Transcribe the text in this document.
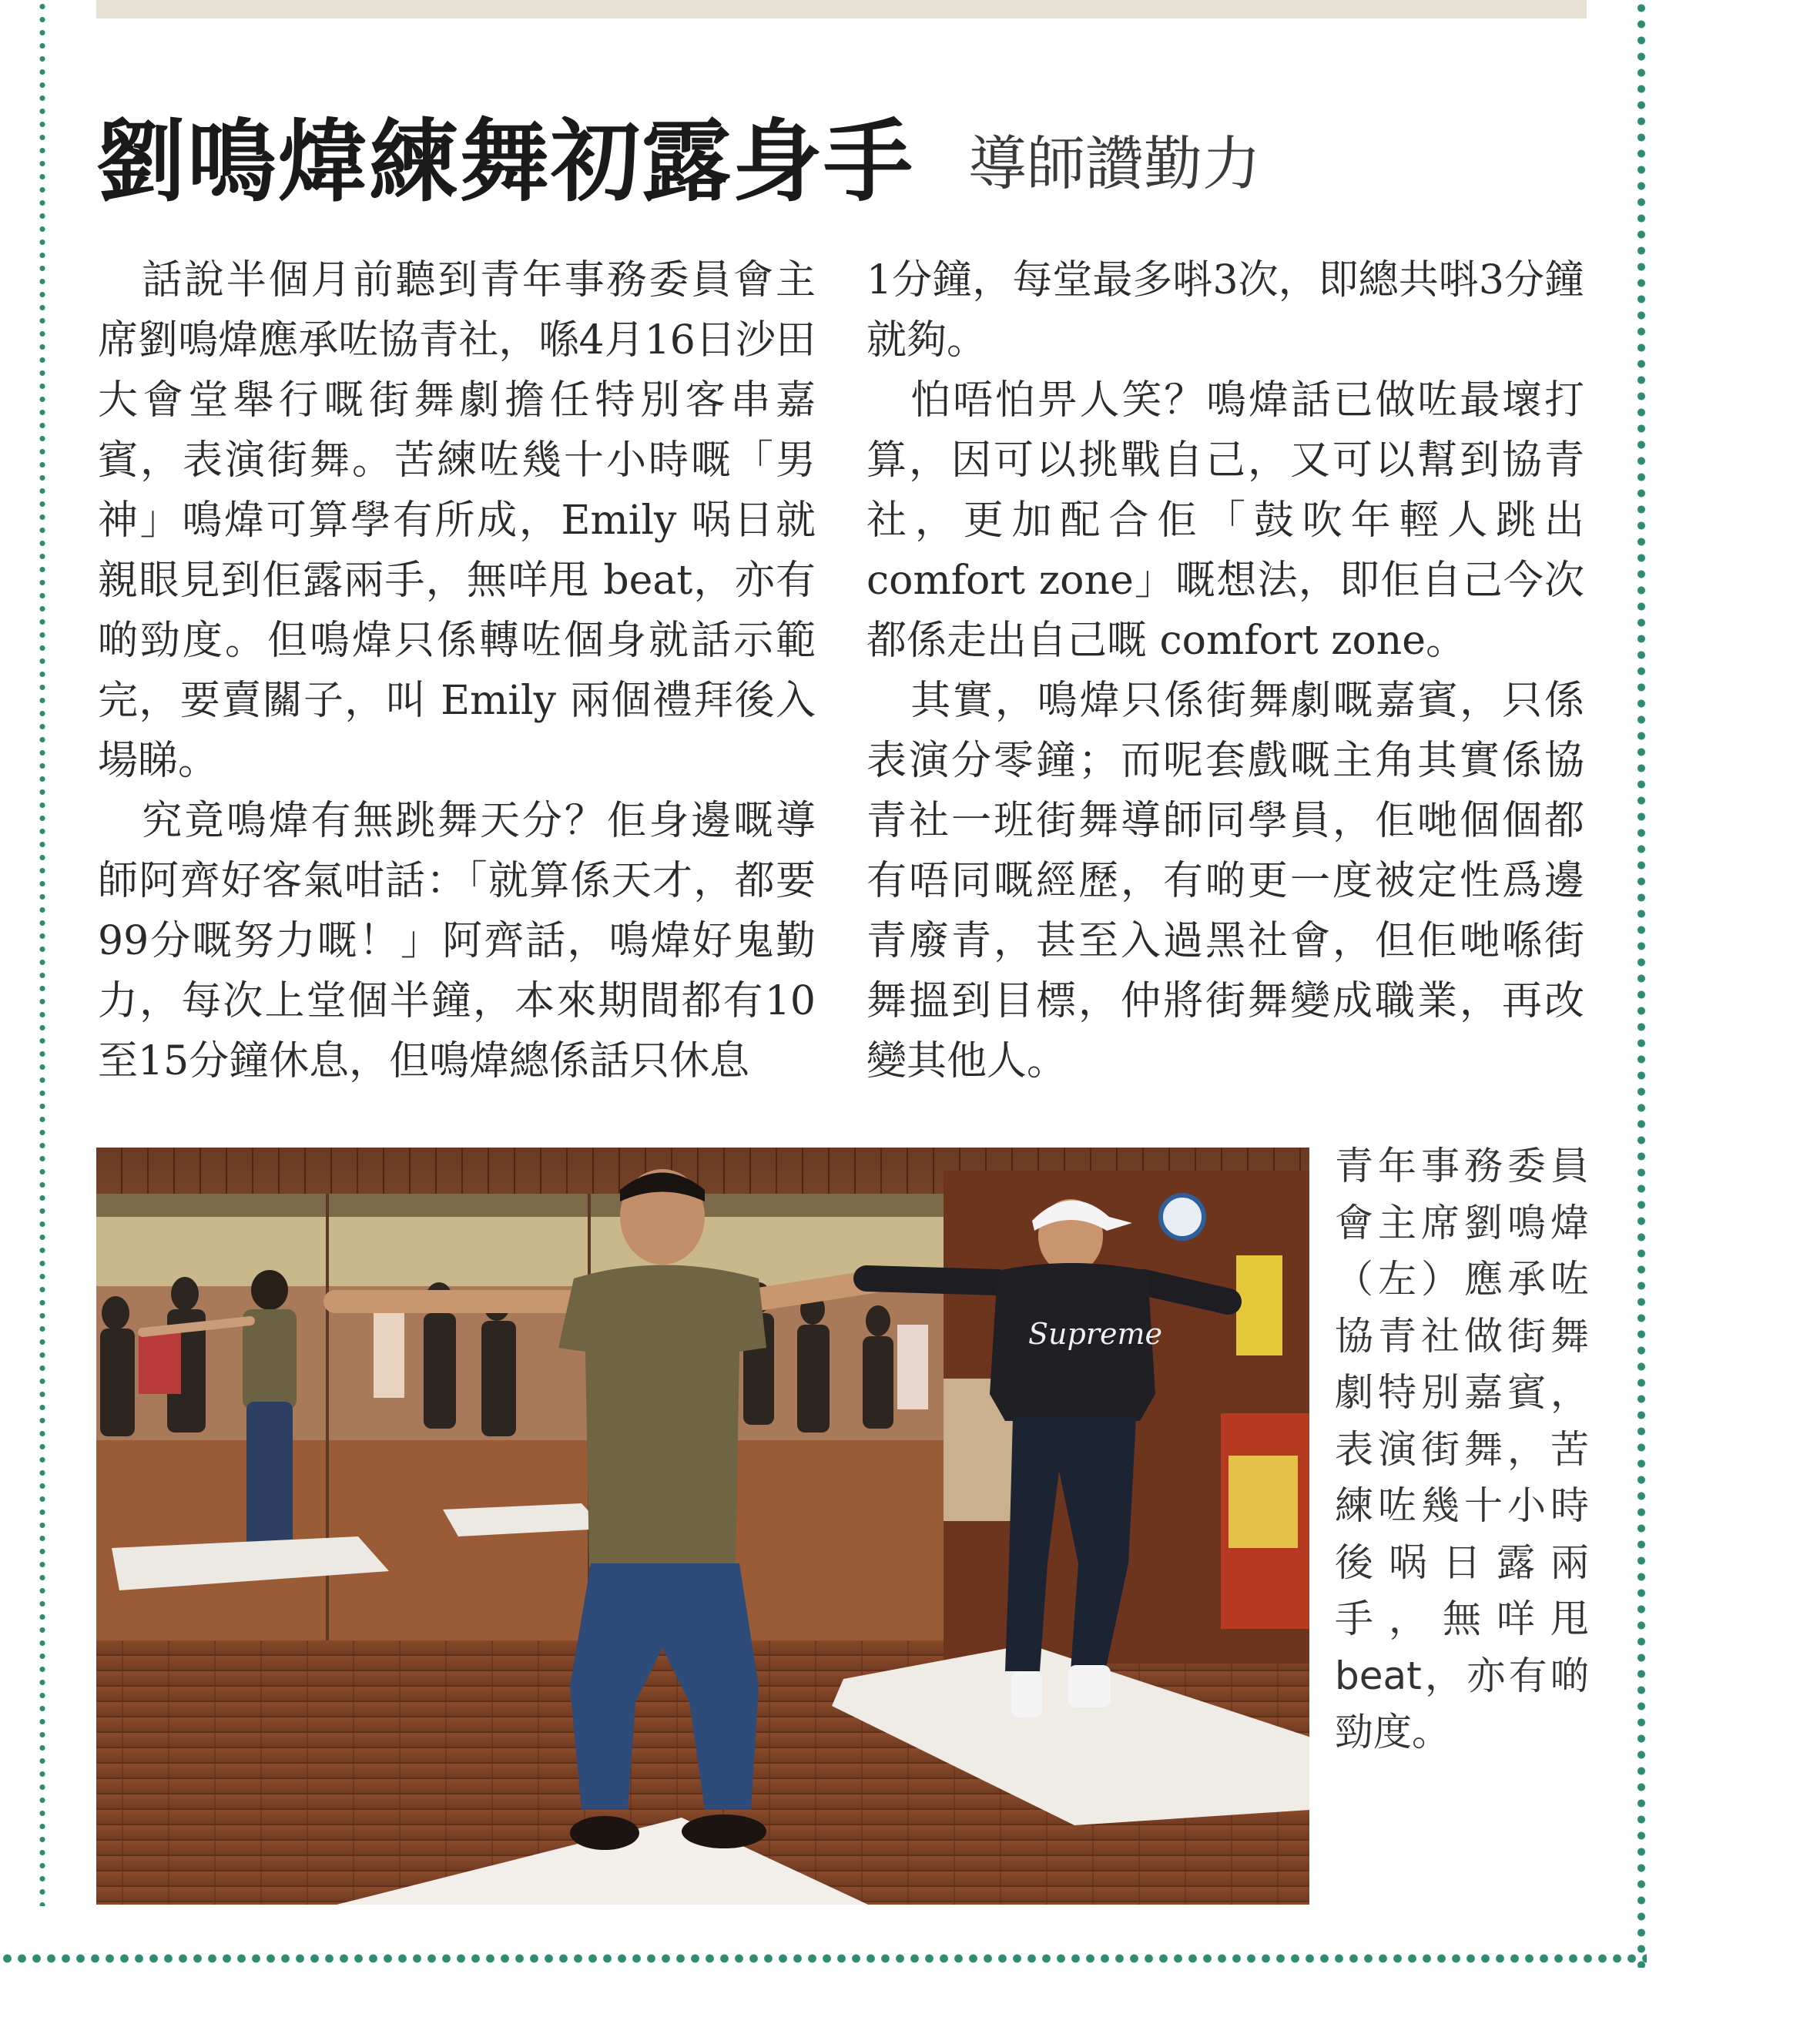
劉鳴煒練舞初露身手 導師讚勤力

話說半個月前聽到青年事務委員會主席劉鳴煒應承咗協青社，喺4月16日沙田大會堂舉行嘅街舞劇擔任特別客串嘉賓，表演街舞。苦練咗幾十小時嘅「男神」鳴煒可算學有所成，Emily 㖞日就親眼見到佢露兩手，無咩甩 beat，亦有啲勁度。但鳴煒只係轉咗個身就話示範完，要賣關子，叫 Emily 兩個禮拜後入場睇。

究竟鳴煒有無跳舞天分？佢身邊嘅導師阿齊好客氣咁話：「就算係天才，都要99分嘅努力嘅！」阿齊話，鳴煒好鬼勤力，每次上堂個半鐘，本來期間都有10至15分鐘休息，但鳴煒總係話只休息

1分鐘，每堂最多唞3次，即總共唞3分鐘就夠。

怕唔怕畀人笑？鳴煒話已做咗最壞打算，因可以挑戰自己，又可以幫到協青社，更加配合佢「鼓吹年輕人跳出 comfort zone」嘅想法，即佢自己今次都係走出自己嘅 comfort zone。

其實，鳴煒只係街舞劇嘅嘉賓，只係表演分零鐘；而呢套戲嘅主角其實係協青社一班街舞導師同學員，佢哋個個都有唔同嘅經歷，有啲更一度被定性爲邊青廢青，甚至入過黑社會，但佢哋喺街舞搵到目標，仲將街舞變成職業，再改變其他人。

Supreme
青年事務委員會主席劉鳴煒（左）應承咗協青社做街舞劇特別嘉賓，表演街舞，苦練咗幾十小時後㖞日露兩手，無咩甩 beat，亦有啲勁度。
